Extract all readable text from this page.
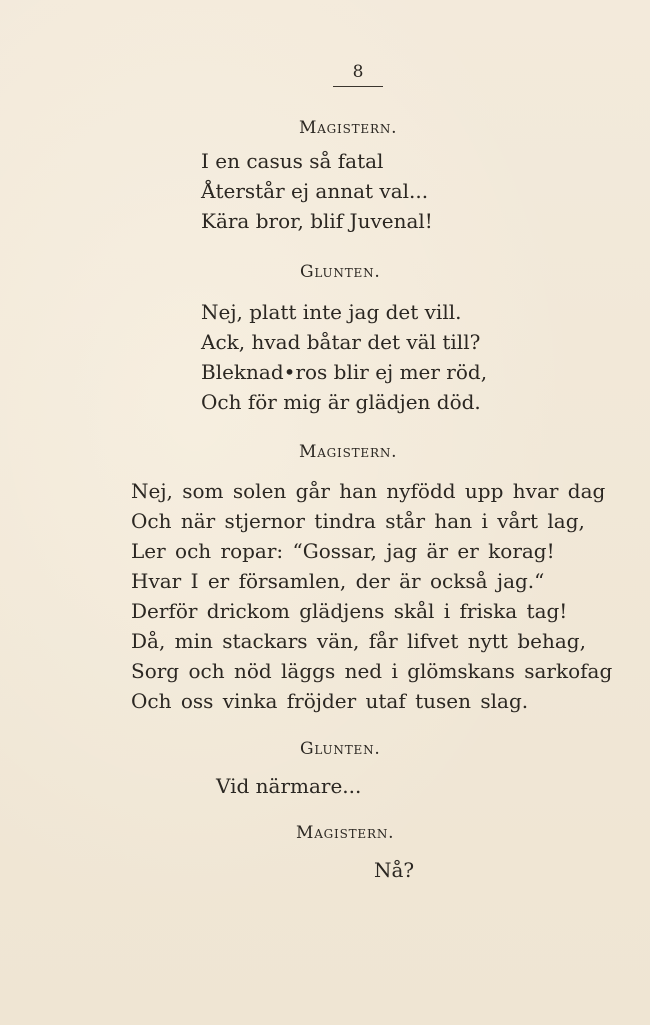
8
Magistern.
I en casus så fatal
Återstår ej annat val...
Kära bror, blif Juvenal!
Glunten.
Nej, platt inte jag det vill.
Ack, hvad båtar det väl till?
Bleknad•ros blir ej mer röd,
Och för mig är glädjen död.
Magistern.
Nej, som solen går han nyfödd upp hvar dag
Och när stjernor tindra står han i vårt lag,
Ler och ropar: “Gossar, jag är er korag!
Hvar I er församlen, der är också jag.“
Derför drickom glädjens skål i friska tag!
Då, min stackars vän, får lifvet nytt behag,
Sorg och nöd läggs ned i glömskans sarkofag
Och oss vinka fröjder utaf tusen slag.
Glunten.
Vid närmare...
Magistern.
Nå?
